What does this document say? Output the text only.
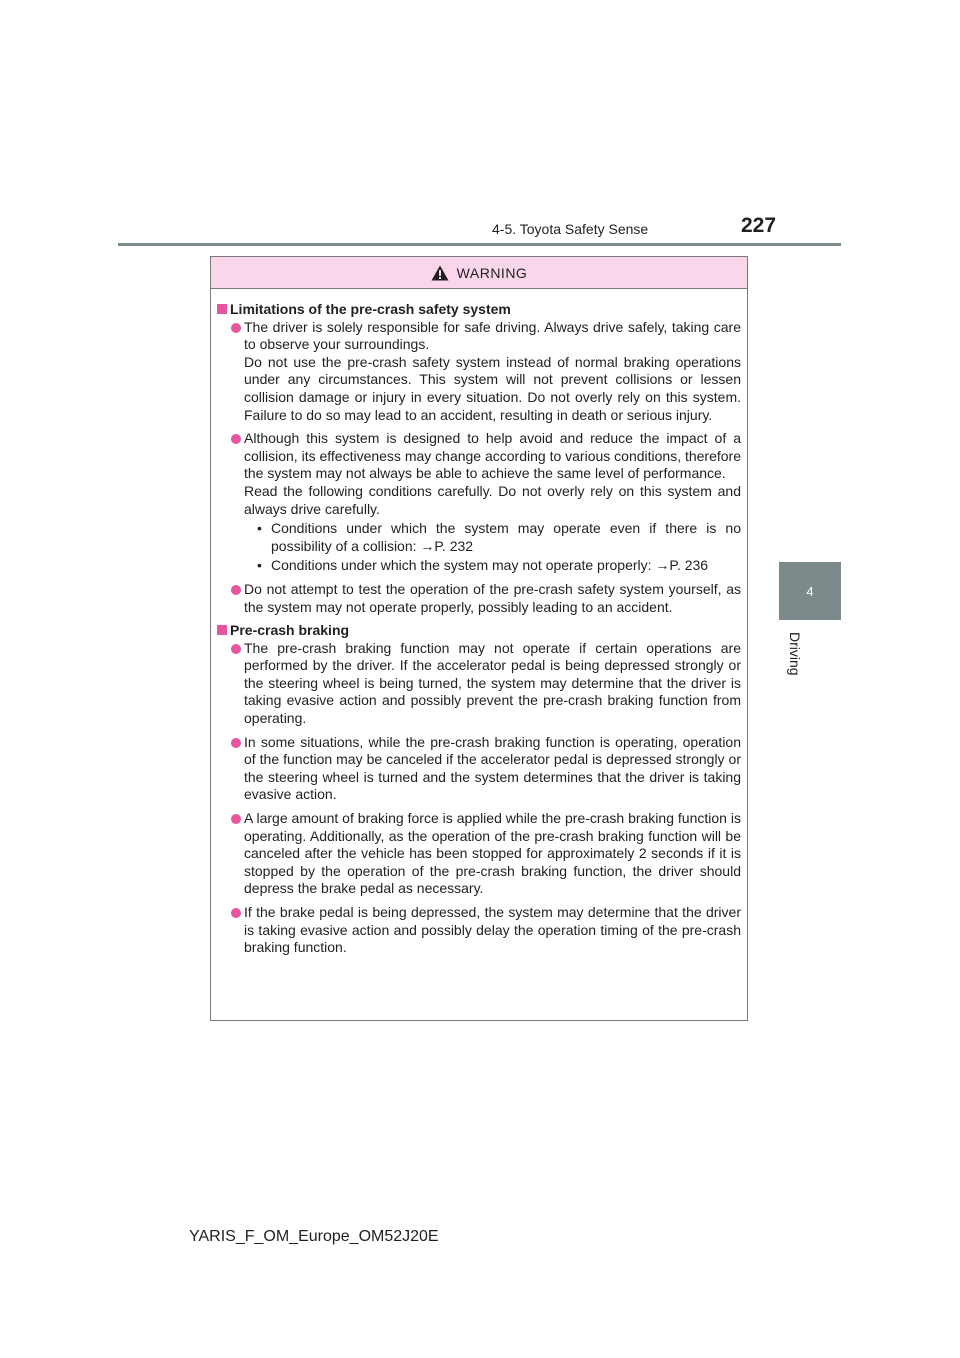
4-5. Toyota Safety Sense	227
4
Driving
WARNING
Limitations of the pre-crash safety system

The driver is solely responsible for safe driving. Always drive safely, taking care to observe your surroundings.

Do not use the pre-crash safety system instead of normal braking operations under any circumstances. This system will not prevent collisions or lessen collision damage or injury in every situation. Do not overly rely on this system. Failure to do so may lead to an accident, resulting in death or serious injury.

Although this system is designed to help avoid and reduce the impact of a collision, its effectiveness may change according to various conditions, therefore the system may not always be able to achieve the same level of performance.

Read the following conditions carefully. Do not overly rely on this system and always drive carefully.

• Conditions under which the system may operate even if there is no possibility of a collision: →P. 232
• Conditions under which the system may not operate properly: →P. 236

Do not attempt to test the operation of the pre-crash safety system yourself, as the system may not operate properly, possibly leading to an accident.

Pre-crash braking

The pre-crash braking function may not operate if certain operations are performed by the driver. If the accelerator pedal is being depressed strongly or the steering wheel is being turned, the system may determine that the driver is taking evasive action and possibly prevent the pre-crash braking function from operating.

In some situations, while the pre-crash braking function is operating, operation of the function may be canceled if the accelerator pedal is depressed strongly or the steering wheel is turned and the system determines that the driver is taking evasive action.

A large amount of braking force is applied while the pre-crash braking function is operating. Additionally, as the operation of the pre-crash braking function will be canceled after the vehicle has been stopped for approximately 2 seconds if it is stopped by the operation of the pre-crash braking function, the driver should depress the brake pedal as necessary.

If the brake pedal is being depressed, the system may determine that the driver is taking evasive action and possibly delay the operation timing of the pre-crash braking function.

YARIS_F_OM_Europe_OM52J20E
